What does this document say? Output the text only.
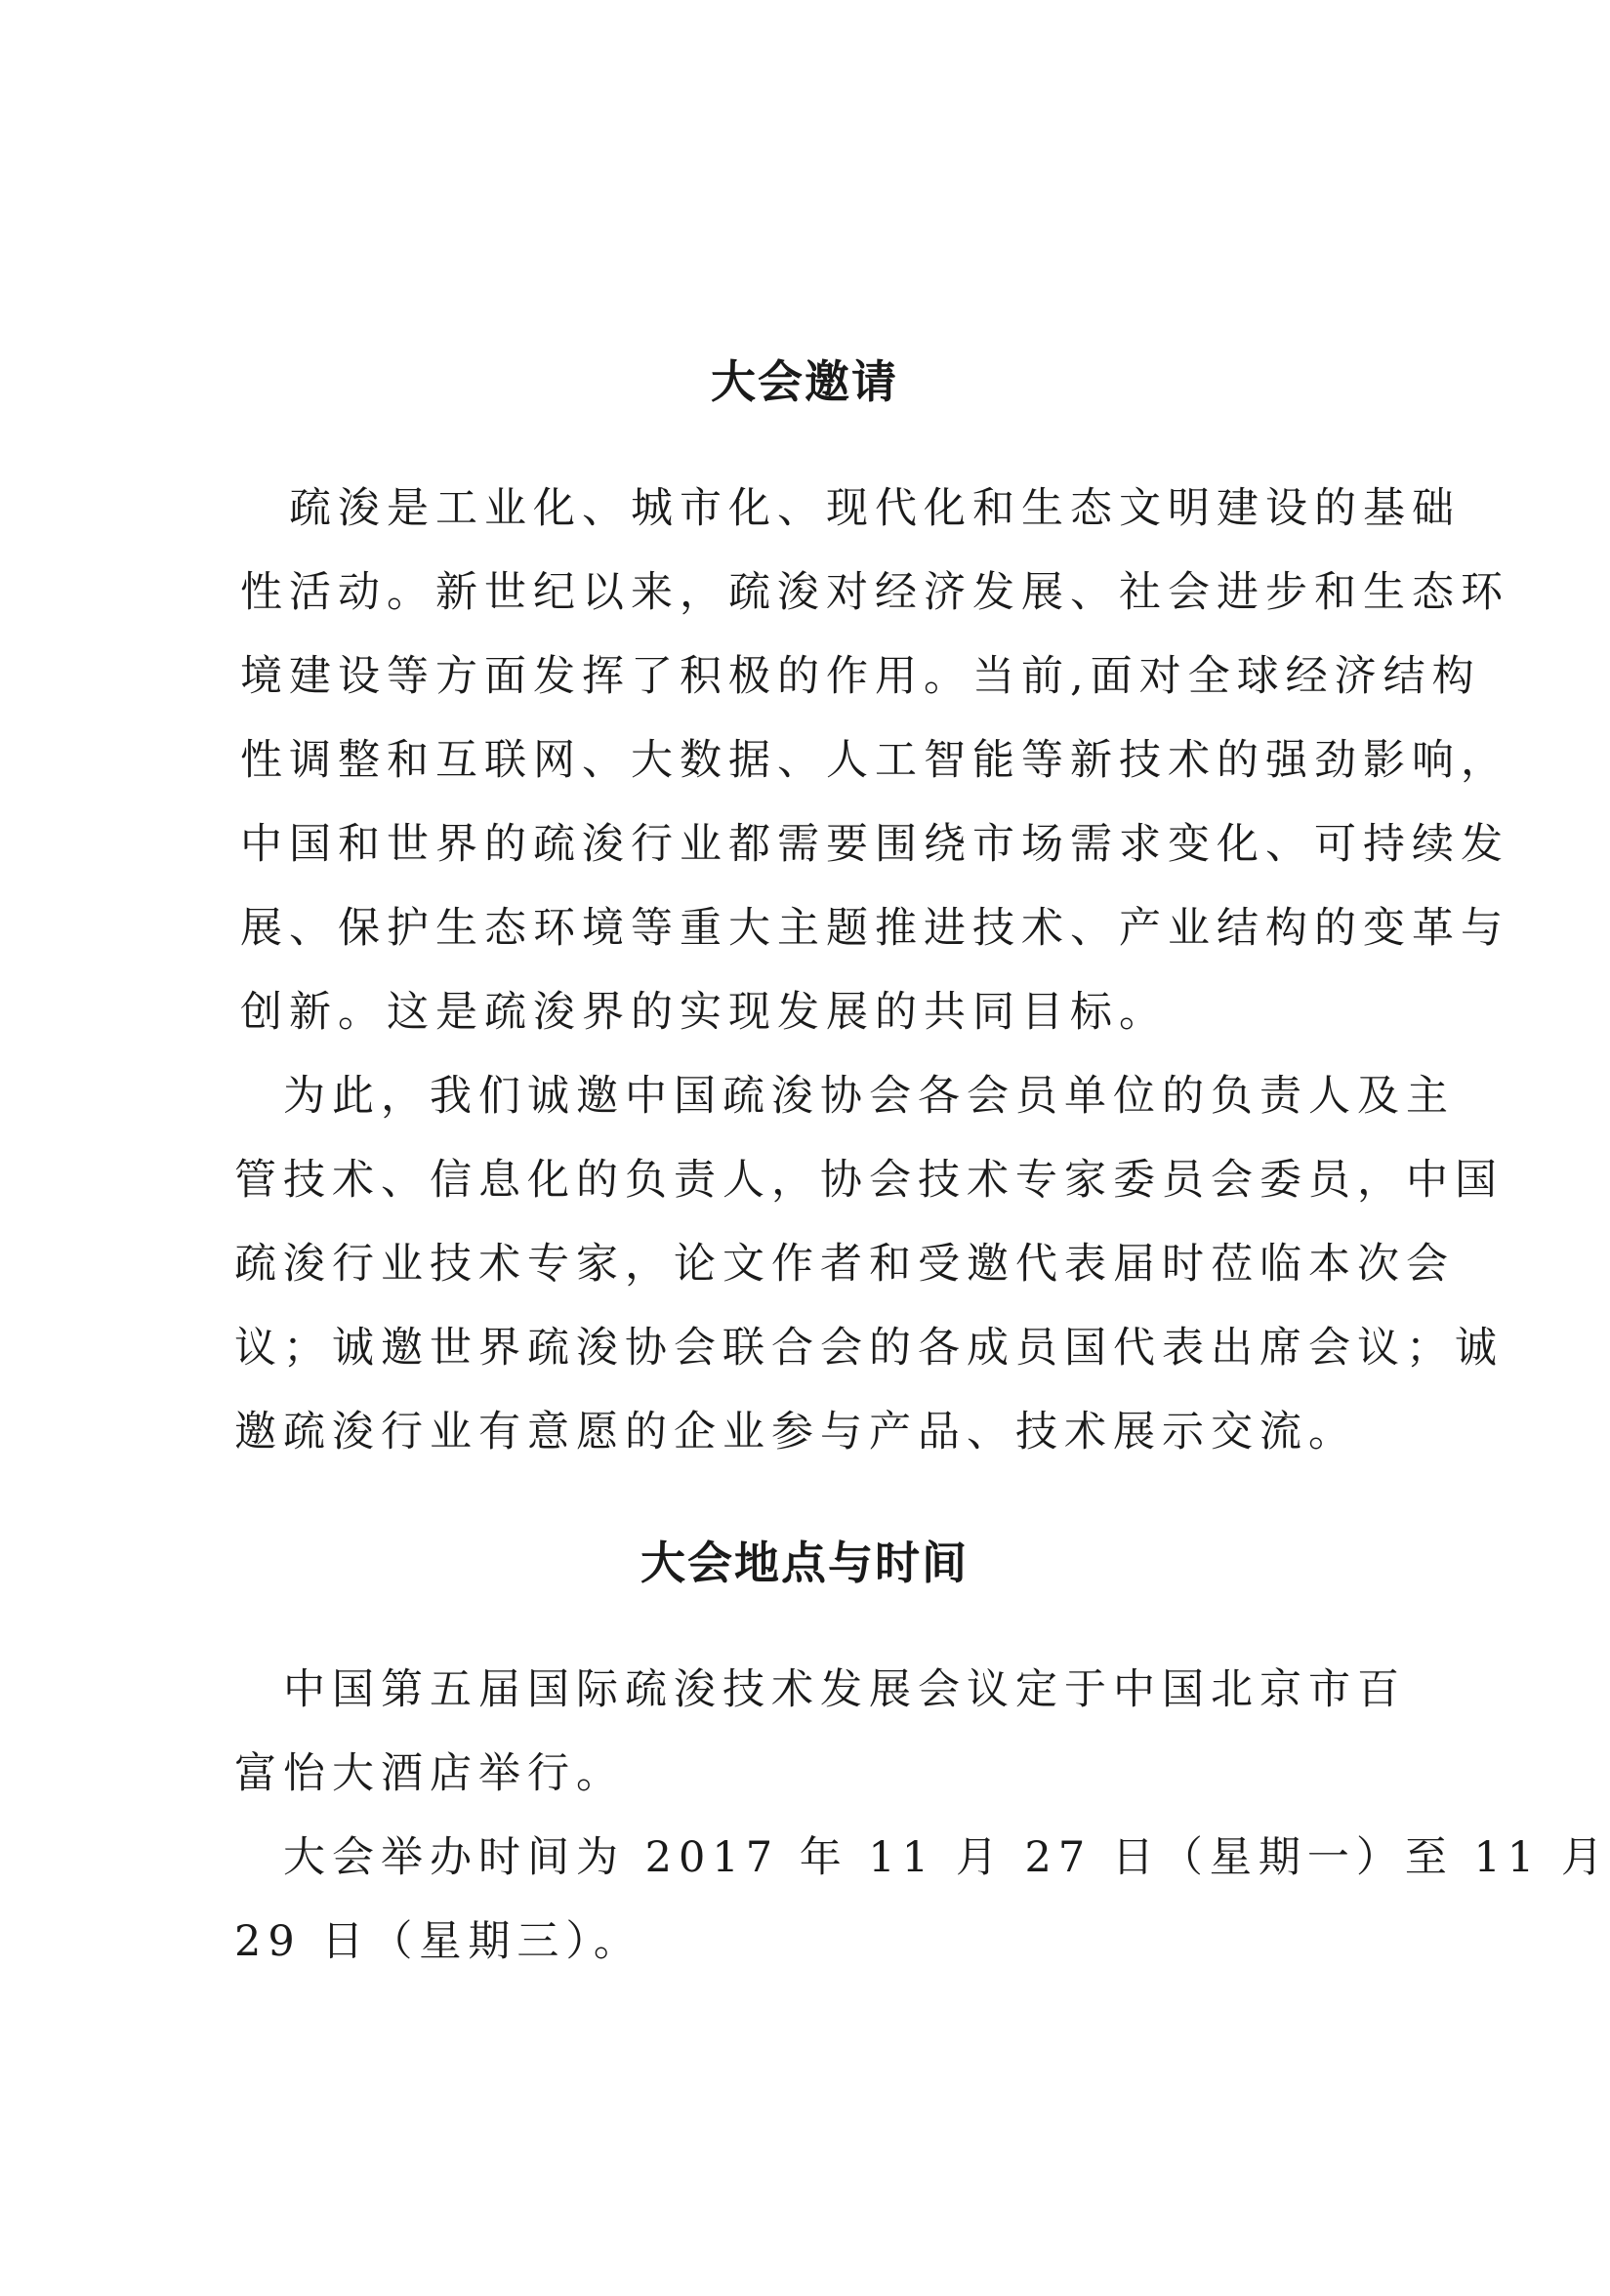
大会邀请
　疏浚是工业化、城市化、现代化和生态文明建设的基础
性活动。新世纪以来，疏浚对经济发展、社会进步和生态环
境建设等方面发挥了积极的作用。当前,面对全球经济结构
性调整和互联网、大数据、人工智能等新技术的强劲影响，
中国和世界的疏浚行业都需要围绕市场需求变化、可持续发
展、保护生态环境等重大主题推进技术、产业结构的变革与
创新。这是疏浚界的实现发展的共同目标。
　为此，我们诚邀中国疏浚协会各会员单位的负责人及主
管技术、信息化的负责人，协会技术专家委员会委员，中国
疏浚行业技术专家，论文作者和受邀代表届时莅临本次会
议；诚邀世界疏浚协会联合会的各成员国代表出席会议；诚
邀疏浚行业有意愿的企业参与产品、技术展示交流。
大会地点与时间
　中国第五届国际疏浚技术发展会议定于中国北京市百
富怡大酒店举行。
　大会举办时间为 2017 年 11 月 27 日（星期一）至 11 月
29 日（星期三）。
